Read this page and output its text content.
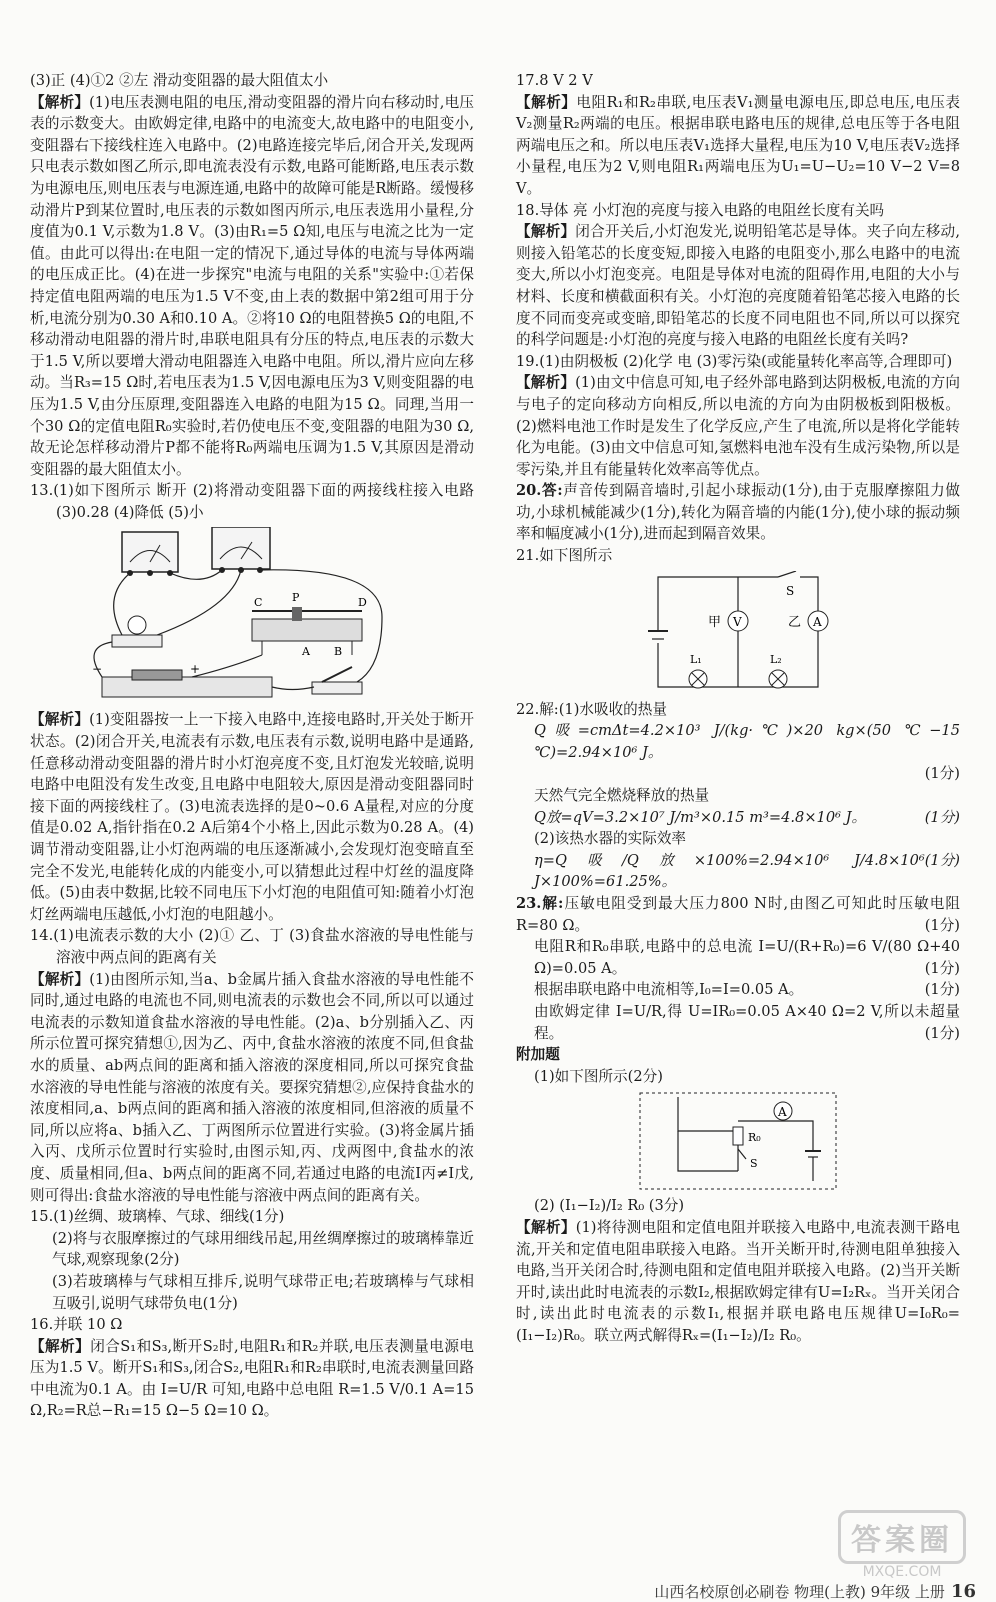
(3)正 (4)①2 ②左 滑动变阻器的最大阻值太小

【解析】(1)电压表测电阻的电压,滑动变阻器的滑片向右移动时,电压表的示数变大。由欧姆定律,电路中的电流变大,故电路中的电阻变小,变阻器右下接线柱连入电路中。(2)电路连接完毕后,闭合开关,发现两只电表示数如图乙所示,即电流表没有示数,电路可能断路,电压表示数为电源电压,则电压表与电源连通,电路中的故障可能是R断路。缓慢移动滑片P到某位置时,电压表的示数如图丙所示,电压表选用小量程,分度值为0.1 V,示数为1.8 V。(3)由R₁=5 Ω知,电压与电流之比为一定值。由此可以得出:在电阻一定的情况下,通过导体的电流与导体两端的电压成正比。(4)在进一步探究"电流与电阻的关系"实验中:①若保持定值电阻两端的电压为1.5 V不变,由上表的数据中第2组可用于分析,电流分别为0.30 A和0.10 A。②将10 Ω的电阻替换5 Ω的电阻,不移动滑动电阻器的滑片时,串联电阻具有分压的特点,电压表的示数大于1.5 V,所以要增大滑动电阻器连入电路中电阻。所以,滑片应向左移动。当R₃=15 Ω时,若电压表为1.5 V,因电源电压为3 V,则变阻器的电压为1.5 V,由分压原理,变阻器连入电路的电阻为15 Ω。同理,当用一个30 Ω的定值电阻R₀实验时,若仍使电压不变,变阻器的电阻为30 Ω,故无论怎样移动滑片P都不能将R₀两端电压调为1.5 V,其原因是滑动变阻器的最大阻值太小。

13.(1)如下图所示 断开 (2)将滑动变阻器下面的两接线柱接入电路 (3)0.28 (4)降低 (5)小

C	P	D
A B
+
−

【解析】(1)变阻器按一上一下接入电路中,连接电路时,开关处于断开状态。(2)闭合开关,电流表有示数,电压表有示数,说明电路中是通路,任意移动滑动变阻器的滑片时小灯泡亮度不变,且灯泡发光较暗,说明电路中电阻没有发生改变,且电路中电阻较大,原因是滑动变阻器同时接下面的两接线柱了。(3)电流表选择的是0~0.6 A量程,对应的分度值是0.02 A,指针指在0.2 A后第4个小格上,因此示数为0.28 A。(4)调节滑动变阻器,让小灯泡两端的电压逐渐减小,会发现灯泡变暗直至完全不发光,电能转化成的内能变小,可以猜想此过程中灯丝的温度降低。(5)由表中数据,比较不同电压下小灯泡的电阻值可知:随着小灯泡灯丝两端电压越低,小灯泡的电阻越小。

14.(1)电流表示数的大小 (2)① 乙、丁 (3)食盐水溶液的导电性能与溶液中两点间的距离有关

【解析】(1)由图所示知,当a、b金属片插入食盐水溶液的导电性能不同时,通过电路的电流也不同,则电流表的示数也会不同,所以可以通过电流表的示数知道食盐水溶液的导电性能。(2)a、b分别插入乙、丙所示位置可探究猜想①,因为乙、丙中,食盐水溶液的浓度不同,但食盐水的质量、ab两点间的距离和插入溶液的深度相同,所以可探究食盐水溶液的导电性能与溶液的浓度有关。要探究猜想②,应保持食盐水的浓度相同,a、b两点间的距离和插入溶液的浓度相同,但溶液的质量不同,所以应将a、b插入乙、丁两图所示位置进行实验。(3)将金属片插入丙、戊所示位置时行实验时,由图示知,丙、戊两图中,食盐水的浓度、质量相同,但a、b两点间的距离不同,若通过电路的电流I丙≠I戊,则可得出:食盐水溶液的导电性能与溶液中两点间的距离有关。

15.(1)丝绸、玻璃棒、气球、细线(1分)

(2)将与衣服摩擦过的气球用细线吊起,用丝绸摩擦过的玻璃棒靠近气球,观察现象(2分)

(3)若玻璃棒与气球相互排斥,说明气球带正电;若玻璃棒与气球相互吸引,说明气球带负电(1分)

16.并联 10 Ω

【解析】闭合S₁和S₃,断开S₂时,电阻R₁和R₂并联,电压表测量电源电压为1.5 V。断开S₁和S₃,闭合S₂,电阻R₁和R₂串联时,电流表测量回路中电流为0.1 A。由 I=U/R 可知,电路中总电阻 R=1.5 V/0.1 A=15 Ω,R₂=R总−R₁=15 Ω−5 Ω=10 Ω。

17.8 V 2 V

【解析】电阻R₁和R₂串联,电压表V₁测量电源电压,即总电压,电压表V₂测量R₂两端的电压。根据串联电路电压的规律,总电压等于各电阻两端电压之和。所以电压表V₁选择大量程,电压为10 V,电压表V₂选择小量程,电压为2 V,则电阻R₁两端电压为U₁=U−U₂=10 V−2 V=8 V。

18.导体 亮 小灯泡的亮度与接入电路的电阻丝长度有关吗

【解析】闭合开关后,小灯泡发光,说明铅笔芯是导体。夹子向左移动,则接入铅笔芯的长度变短,即接入电路的电阻变小,那么电路中的电流变大,所以小灯泡变亮。电阻是导体对电流的阻碍作用,电阻的大小与材料、长度和横截面积有关。小灯泡的亮度随着铅笔芯接入电路的长度不同而变亮或变暗,即铅笔芯的长度不同电阻也不同,所以可以探究的科学问题是:小灯泡的亮度与接入电路的电阻丝长度有关吗?

19.(1)由阴极板 (2)化学 电 (3)零污染(或能量转化率高等,合理即可)

【解析】(1)由文中信息可知,电子经外部电路到达阴极板,电流的方向与电子的定向移动方向相反,所以电流的方向为由阴极板到阳极板。(2)燃料电池工作时是发生了化学反应,产生了电流,所以是将化学能转化为电能。(3)由文中信息可知,氢燃料电池车没有生成污染物,所以是零污染,并且有能量转化效率高等优点。

20.答:声音传到隔音墙时,引起小球振动(1分),由于克服摩擦阻力做功,小球机械能减少(1分),转化为隔音墙的内能(1分),使小球的振动频率和幅度减小(1分),进而起到隔音效果。

21.如下图所示

V
甲	A
乙
S
L₁	L₂

22.解:(1)水吸收的热量

Q吸=cmΔt=4.2×10³ J/(kg·℃)×20 kg×(50 ℃−15 ℃)=2.94×10⁶ J。

(1分)

天然气完全燃烧释放的热量

(1分)
Q放=qV=3.2×10⁷ J/m³×0.15 m³=4.8×10⁶ J。

(2)该热水器的实际效率

(1分)
η=Q吸/Q放×100%=2.94×10⁶ J/4.8×10⁶ J×100%=61.25%。

23.解:压敏电阻受到最大压力800 N时,由图乙可知此时压敏电阻R=80 Ω。	(1分)

电阻R和R₀串联,电路中的总电流 I=U/(R+R₀)=6 V/(80 Ω+40 Ω)=0.05 A。	(1分)

根据串联电路中电流相等,I₀=I=0.05 A。	(1分)

由欧姆定律 I=U/R,得 U=IR₀=0.05 A×40 Ω=2 V,所以未超量程。	(1分)

附加题

(1)如下图所示(2分)

A
R₀
S

(2) (I₁−I₂)/I₂ R₀ (3分)

【解析】(1)将待测电阻和定值电阻并联接入电路中,电流表测干路电流,开关和定值电阻串联接入电路。当开关断开时,待测电阻单独接入电路,当开关闭合时,待测电阻和定值电阻并联接入电路。(2)当开关断开时,读出此时电流表的示数I₂,根据欧姆定律有U=I₂Rₓ。当开关闭合时,读出此时电流表的示数I₁,根据并联电路电压规律U=I₀R₀=(I₁−I₂)R₀。联立两式解得Rₓ=(I₁−I₂)/I₂ R₀。

答案圈
MXQE.COM
山西名校原创必刷卷 物理(上教) 9年级 上册 16
